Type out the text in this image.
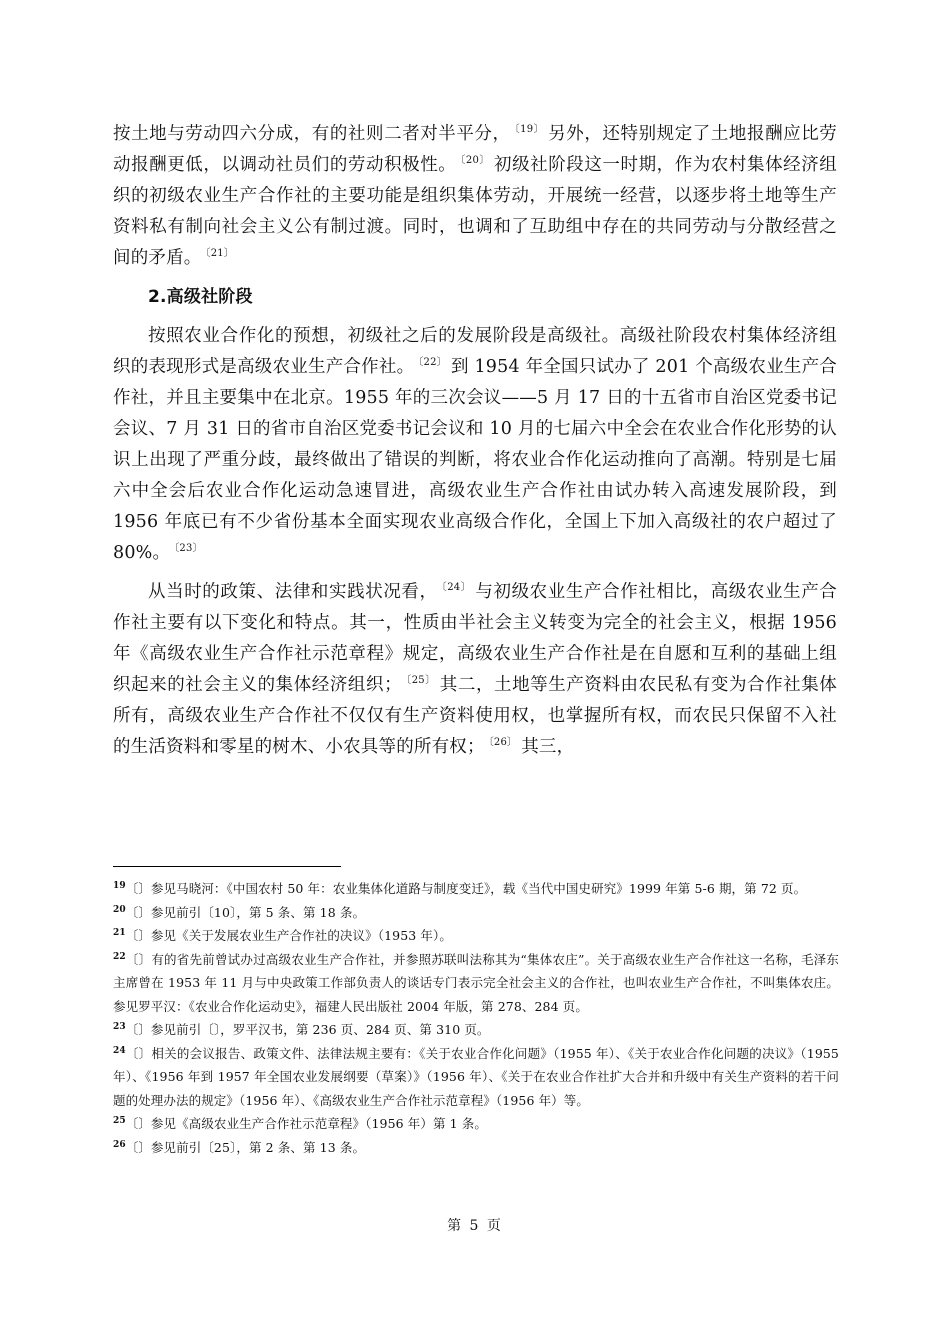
按土地与劳动四六分成，有的社则二者对半平分， $^{〔19〕}$ 另外，还特别规定了土地报酬应比劳动报酬更低，以调动社员们的劳动积极性。 $^{〔20〕}$ 初级社阶段这一时期，作为农村集体经济组织的初级农业生产合作社的主要功能是组织集体劳动，开展统一经营，以逐步将土地等生产资料私有制向社会主义公有制过渡。同时，也调和了互助组中存在的共同劳动与分散经营之间的矛盾。 $^{〔21〕}$

2.高级社阶段

按照农业合作化的预想，初级社之后的发展阶段是高级社。高级社阶段农村集体经济组织的表现形式是高级农业生产合作社。 $^{〔22〕}$ 到 1954 年全国只试办了 201 个高级农业生产合作社，并且主要集中在北京。1955 年的三次会议——5 月 17 日的十五省市自治区党委书记会议、7 月 31 日的省市自治区党委书记会议和 10 月的七届六中全会在农业合作化形势的认识上出现了严重分歧，最终做出了错误的判断，将农业合作化运动推向了高潮。特别是七届六中全会后农业合作化运动急速冒进，高级农业生产合作社由试办转入高速发展阶段，到 1956 年底已有不少省份基本全面实现农业高级合作化，全国上下加入高级社的农户超过了 80%。 $^{〔23〕}$

从当时的政策、法律和实践状况看， $^{〔24〕}$ 与初级农业生产合作社相比，高级农业生产合作社主要有以下变化和特点。其一，性质由半社会主义转变为完全的社会主义，根据 1956 年《高级农业生产合作社示范章程》规定，高级农业生产合作社是在自愿和互利的基础上组织起来的社会主义的集体经济组织； $^{〔25〕}$ 其二，土地等生产资料由农民私有变为合作社集体所有，高级农业生产合作社不仅仅有生产资料使用权，也掌握所有权，而农民只保留不入社的生活资料和零星的树木、小农具等的所有权； $^{〔26〕}$ 其三，

$^{19}$〔〕参见马晓河：《中国农村 50 年：农业集体化道路与制度变迁》，载《当代中国史研究》1999 年第 5-6 期，第 72 页。

$^{20}$〔〕参见前引〔10〕，第 5 条、第 18 条。

$^{21}$〔〕参见《关于发展农业生产合作社的决议》（1953 年）。

$^{22}$〔〕有的省先前曾试办过高级农业生产合作社，并参照苏联叫法称其为“集体农庄”。关于高级农业生产合作社这一名称，毛泽东主席曾在 1953 年 11 月与中央政策工作部负责人的谈话专门表示完全社会主义的合作社，也叫农业生产合作社，不叫集体农庄。参见罗平汉：《农业合作化运动史》，福建人民出版社 2004 年版，第 278、284 页。

$^{23}$〔〕参见前引〔〕，罗平汉书，第 236 页、284 页、第 310 页。

$^{24}$〔〕相关的会议报告、政策文件、法律法规主要有：《关于农业合作化问题》（1955 年）、《关于农业合作化问题的决议》（1955 年）、《1956 年到 1957 年全国农业发展纲要（草案）》（1956 年）、《关于在农业合作社扩大合并和升级中有关生产资料的若干问题的处理办法的规定》（1956 年）、《高级农业生产合作社示范章程》（1956 年）等。

$^{25}$〔〕参见《高级农业生产合作社示范章程》（1956 年）第 1 条。

$^{26}$〔〕参见前引〔25〕，第 2 条、第 13 条。

第 5 页
